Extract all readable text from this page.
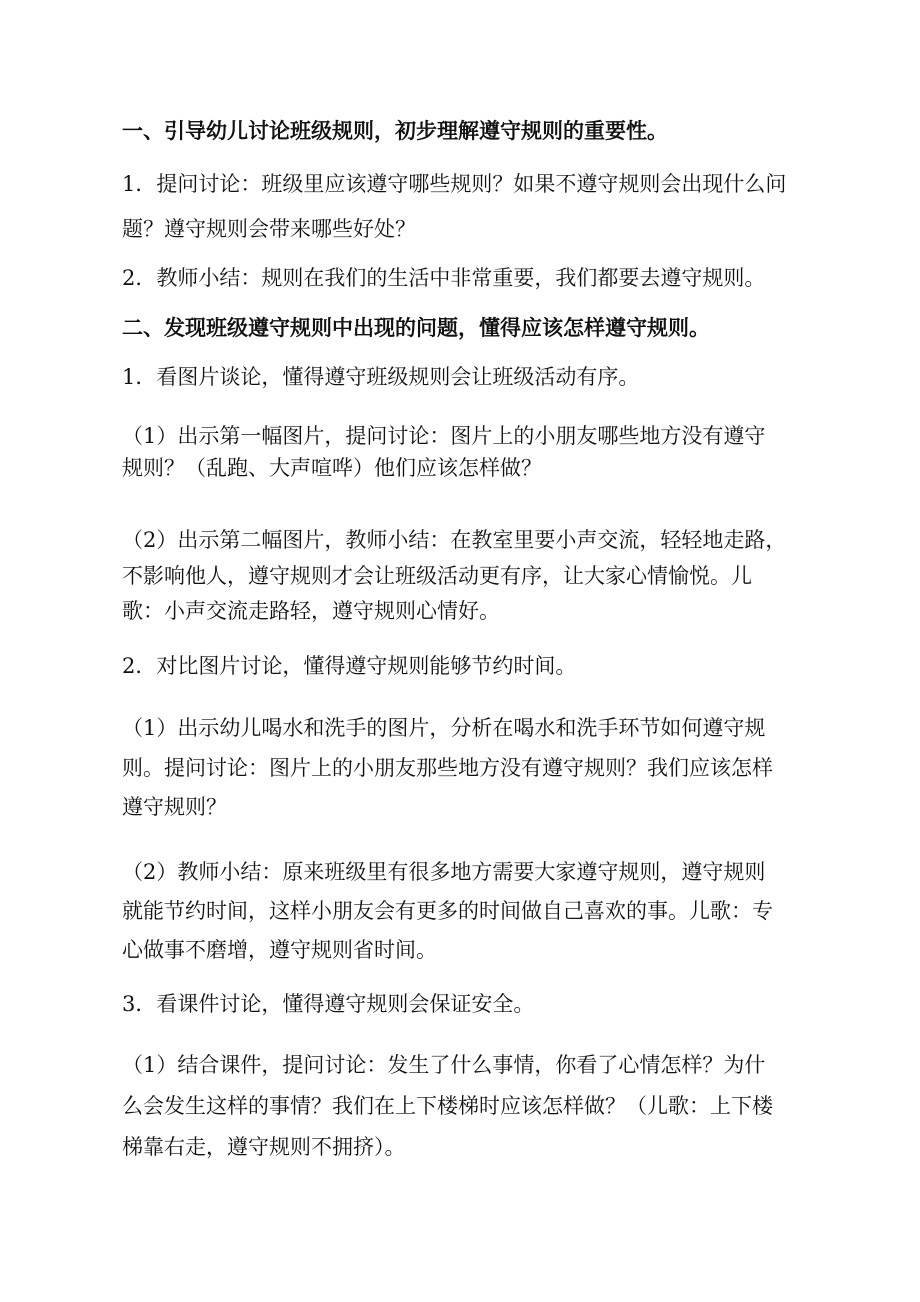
一、引导幼儿讨论班级规则，初步理解遵守规则的重要性。
1．提问讨论：班级里应该遵守哪些规则？如果不遵守规则会出现什么问
题？遵守规则会带来哪些好处？
2．教师小结：规则在我们的生活中非常重要，我们都要去遵守规则。
二、发现班级遵守规则中出现的问题，懂得应该怎样遵守规则。
1．看图片谈论，懂得遵守班级规则会让班级活动有序。
（1）出示第一幅图片，提问讨论：图片上的小朋友哪些地方没有遵守
规则？（乱跑、大声喧哗）他们应该怎样做？
（2）出示第二幅图片，教师小结：在教室里要小声交流，轻轻地走路，
不影响他人，遵守规则才会让班级活动更有序，让大家心情愉悦。儿
歌：小声交流走路轻，遵守规则心情好。
2．对比图片讨论，懂得遵守规则能够节约时间。
（1）出示幼儿喝水和洗手的图片，分析在喝水和洗手环节如何遵守规
则。提问讨论：图片上的小朋友那些地方没有遵守规则？我们应该怎样
遵守规则？
（2）教师小结：原来班级里有很多地方需要大家遵守规则，遵守规则
就能节约时间，这样小朋友会有更多的时间做自己喜欢的事。儿歌：专
心做事不磨增，遵守规则省时间。
3．看课件讨论，懂得遵守规则会保证安全。
（1）结合课件，提问讨论：发生了什么事情，你看了心情怎样？为什
么会发生这样的事情？我们在上下楼梯时应该怎样做？（儿歌：上下楼
梯靠右走，遵守规则不拥挤）。
